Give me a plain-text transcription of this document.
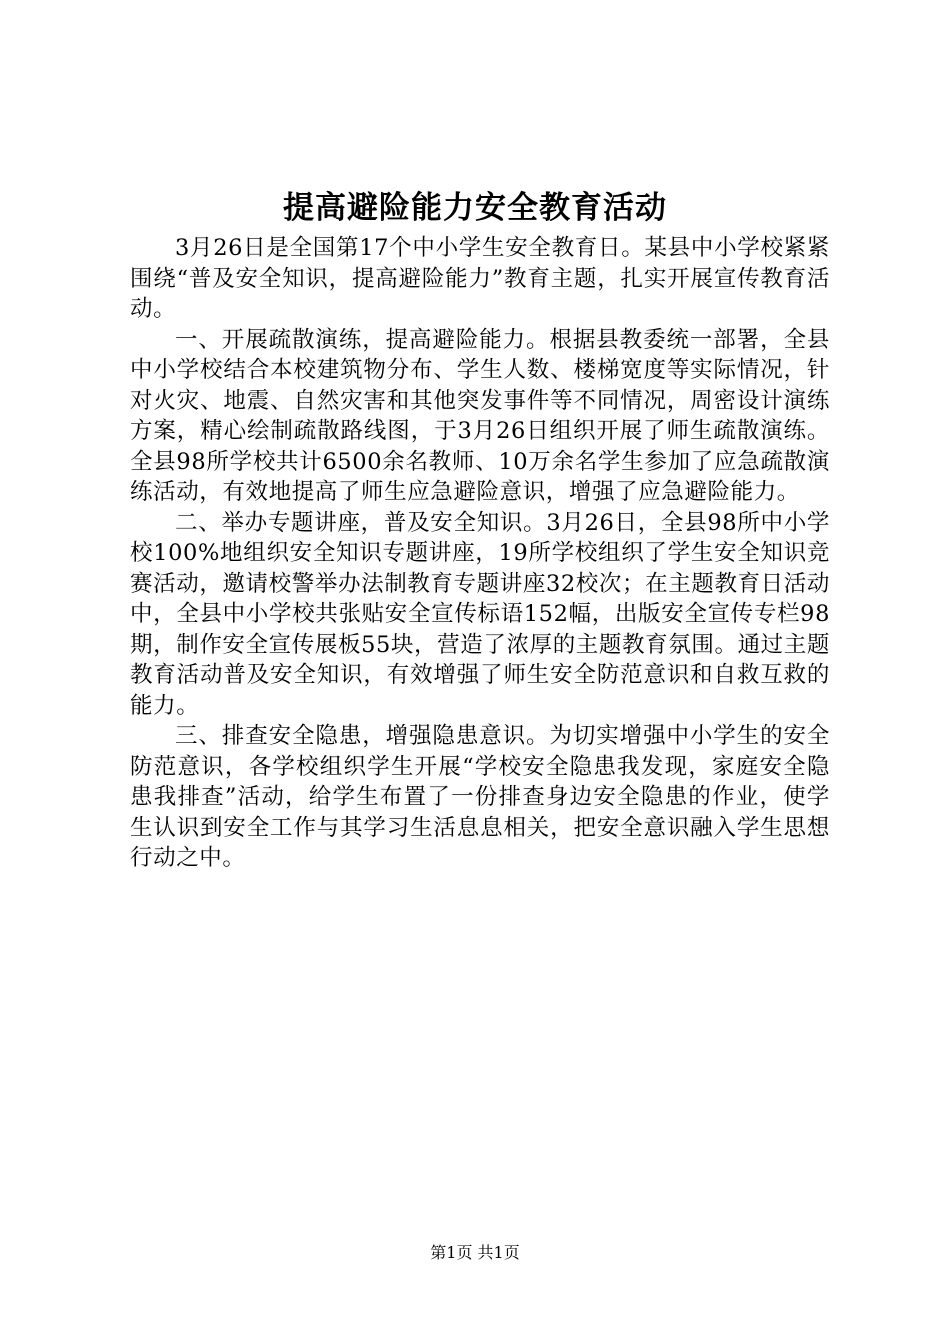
提高避险能力安全教育活动

3月26日是全国第17个中小学生安全教育日。某县中小学校紧紧围绕“普及安全知识，提高避险能力”教育主题，扎实开展宣传教育活动。

一、开展疏散演练，提高避险能力。根据县教委统一部署，全县中小学校结合本校建筑物分布、学生人数、楼梯宽度等实际情况，针对火灾、地震、自然灾害和其他突发事件等不同情况，周密设计演练方案，精心绘制疏散路线图，于3月26日组织开展了师生疏散演练。全县98所学校共计6500余名教师、10万余名学生参加了应急疏散演练活动，有效地提高了师生应急避险意识，增强了应急避险能力。

二、举办专题讲座，普及安全知识。3月26日，全县98所中小学校100%地组织安全知识专题讲座，19所学校组织了学生安全知识竞赛活动，邀请校警举办法制教育专题讲座32校次；在主题教育日活动中，全县中小学校共张贴安全宣传标语152幅，出版安全宣传专栏98期，制作安全宣传展板55块，营造了浓厚的主题教育氛围。通过主题教育活动普及安全知识，有效增强了师生安全防范意识和自救互救的能力。

三、排查安全隐患，增强隐患意识。为切实增强中小学生的安全防范意识，各学校组织学生开展“学校安全隐患我发现，家庭安全隐患我排查”活动，给学生布置了一份排查身边安全隐患的作业，使学生认识到安全工作与其学习生活息息相关，把安全意识融入学生思想行动之中。

第1页 共1页
